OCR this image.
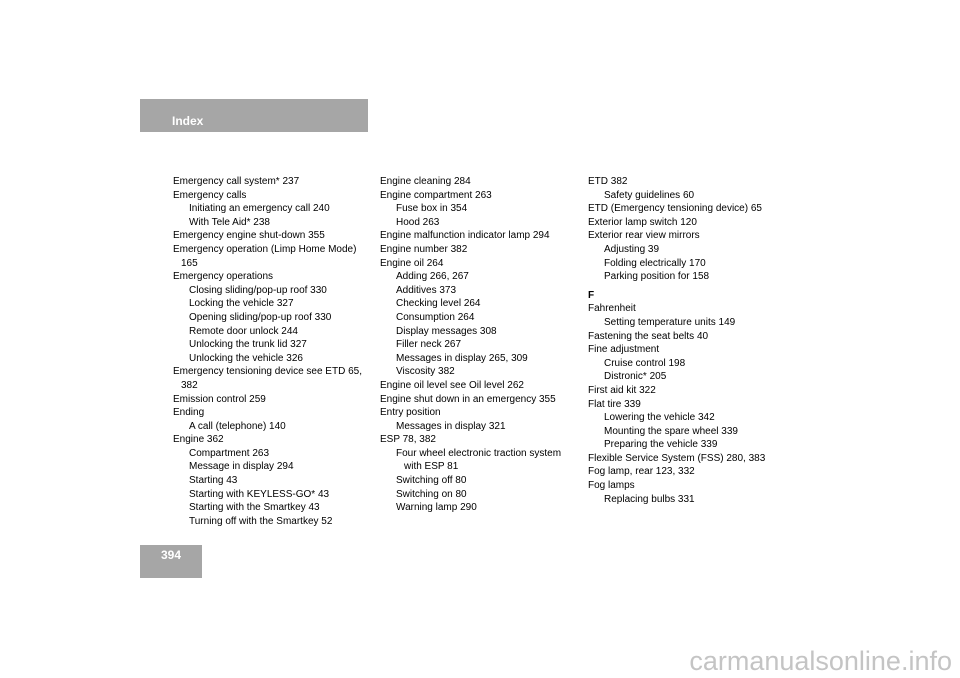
Index
Emergency call system* 237
Emergency calls
Initiating an emergency call 240
With Tele Aid* 238
Emergency engine shut-down 355
Emergency operation (Limp Home Mode)
165
Emergency operations
Closing sliding/pop-up roof 330
Locking the vehicle 327
Opening sliding/pop-up roof 330
Remote door unlock 244
Unlocking the trunk lid 327
Unlocking the vehicle 326
Emergency tensioning device see ETD 65,
382
Emission control 259
Ending
A call (telephone) 140
Engine 362
Compartment 263
Message in display 294
Starting 43
Starting with KEYLESS-GO* 43
Starting with the Smartkey 43
Turning off with the Smartkey 52
Engine cleaning 284
Engine compartment 263
Fuse box in 354
Hood 263
Engine malfunction indicator lamp 294
Engine number 382
Engine oil 264
Adding 266, 267
Additives 373
Checking level 264
Consumption 264
Display messages 308
Filler neck 267
Messages in display 265, 309
Viscosity 382
Engine oil level see Oil level 262
Engine shut down in an emergency 355
Entry position
Messages in display 321
ESP 78, 382
Four wheel electronic traction system
with ESP 81
Switching off 80
Switching on 80
Warning lamp 290
ETD 382
Safety guidelines 60
ETD (Emergency tensioning device) 65
Exterior lamp switch 120
Exterior rear view mirrors
Adjusting 39
Folding electrically 170
Parking position for 158
F
Fahrenheit
Setting temperature units 149
Fastening the seat belts 40
Fine adjustment
Cruise control 198
Distronic* 205
First aid kit 322
Flat tire 339
Lowering the vehicle 342
Mounting the spare wheel 339
Preparing the vehicle 339
Flexible Service System (FSS) 280, 383
Fog lamp, rear 123, 332
Fog lamps
Replacing bulbs 331
394
carmanualsonline.info
